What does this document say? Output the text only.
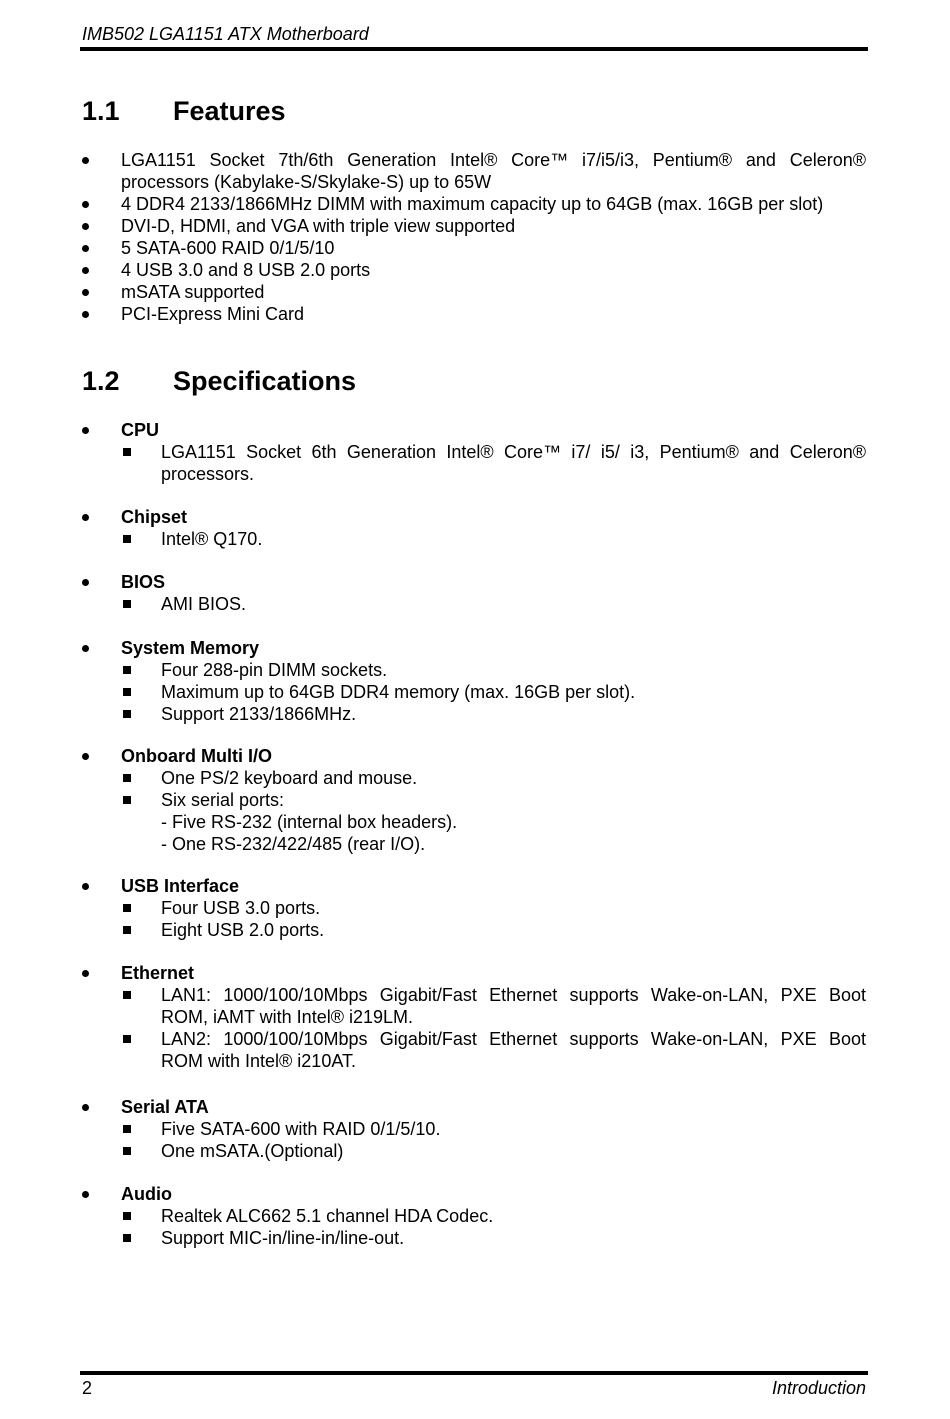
IMB502 LGA1151 ATX Motherboard
1.1 Features
LGA1151 Socket 7th/6th Generation Intel® Core™ i7/i5/i3, Pentium® and Celeron®
processors (Kabylake-S/Skylake-S) up to 65W
4 DDR4 2133/1866MHz DIMM with maximum capacity up to 64GB (max. 16GB per slot)
DVI-D, HDMI, and VGA with triple view supported
5 SATA-600 RAID 0/1/5/10
4 USB 3.0 and 8 USB 2.0 ports
mSATA supported
PCI-Express Mini Card
1.2 Specifications
CPU
LGA1151 Socket 6th Generation Intel® Core™ i7/ i5/ i3, Pentium® and Celeron®
processors.
Chipset
Intel® Q170.
BIOS
AMI BIOS.
System Memory
Four 288-pin DIMM sockets.
Maximum up to 64GB DDR4 memory (max. 16GB per slot).
Support 2133/1866MHz.
Onboard Multi I/O
One PS/2 keyboard and mouse.
Six serial ports:
- Five RS-232 (internal box headers).
- One RS-232/422/485 (rear I/O).
USB Interface
Four USB 3.0 ports.
Eight USB 2.0 ports.
Ethernet
LAN1: 1000/100/10Mbps Gigabit/Fast Ethernet supports Wake-on-LAN, PXE Boot
ROM, iAMT with Intel® i219LM.
LAN2: 1000/100/10Mbps Gigabit/Fast Ethernet supports Wake-on-LAN, PXE Boot
ROM with Intel® i210AT.
Serial ATA
Five SATA-600 with RAID 0/1/5/10.
One mSATA.(Optional)
Audio
Realtek ALC662 5.1 channel HDA Codec.
Support MIC-in/line-in/line-out.
2	Introduction
